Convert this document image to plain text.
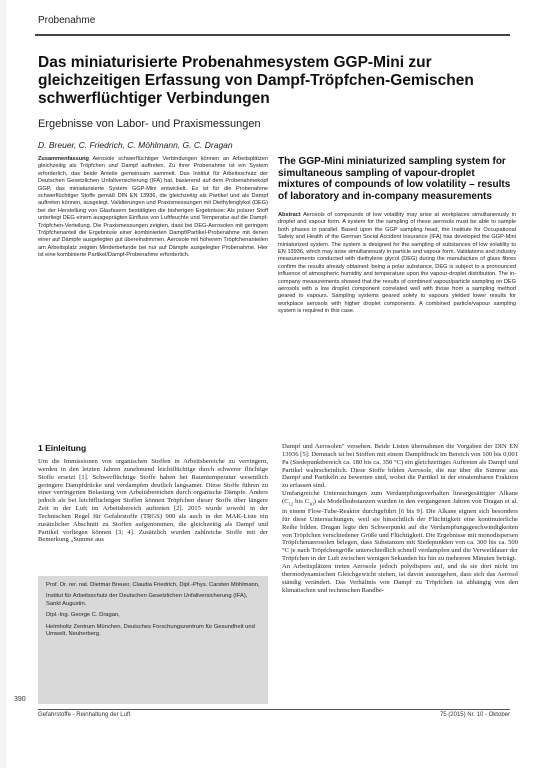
Probenahme
Das miniaturisierte Probenahmesystem GGP-Mini zur gleichzeitigen Erfassung von Dampf-Tröpfchen-Gemischen schwerflüchtiger Verbindungen
Ergebnisse von Labor- und Praxismessungen
D. Breuer, C. Friedrich, C. Möhlmann, G. C. Dragan
Zusammenfassung Aerosole schwerflüchtiger Verbindungen können an Arbeitsplätzen gleichzeitig als Tröpfchen und Dampf auftreten. Zu ihrer Probenahme ist ein System erforderlich, das beide Anteile gemeinsam sammelt. Das Institut für Arbeitsschutz der Deutschen Gesetzlichen Unfallversicherung (IFA) hat, basierend auf dem Probenahmekopf GGP, das miniaturisierte System GGP-Mini entwickelt. Es ist für die Probenahme schwerflüchtiger Stoffe gemäß DIN EN 13936, die gleichzeitig als Partikel und als Dampf auftreten können, ausgelegt. Validierungen und Praxismessungen mit Diethylenglykol (DEG) bei der Herstellung von Glasfasern bestätigten die bisherigen Ergebnisse: Als polarer Stoff unterliegt DEG einem ausgeprägten Einfluss von Luftfeuchte und Temperatur auf die Dampf-Tröpfchen-Verteilung. Die Praxismessungen zeigten, dass bei DEG-Aerosolen mit geringem Tröpfchenanteil die Ergebnisse einer kombinierten Dampf/Partikel-Probenahme mit denen einer auf Dämpfe ausgelegten gut übereinstimmen. Aerosole mit höherem Tröpfchenanteilen am Arbeitsplatz zeigten Minderbefunde bei nur auf Dämpfe ausgelegter Probenahme. Hier ist eine kombinierte Partikel/Dampf-Probenahme erforderlich.
The GGP-Mini miniaturized sampling system for simultaneous sampling of vapour-droplet mixtures of compounds of low volatility – results of laboratory and in-company measurements
Abstract Aerosols of compounds of low volatility may arise at workplaces simultaneously in droplet and vapour form. A system for the sampling of these aerosols must be able to sample both phases in parallel. Based upon the GGP sampling head, the Institute for Occupational Safety and Health of the German Social Accident Insurance (IFA) has developed the GGP-Mini miniaturized system. The system is designed for the sampling of substances of low volatility to EN 13936, which may arise simultaneously in particle and vapour form. Validations and industry measurements conducted with diethylene glycol (DEG) during the manufacture of glass fibres confirm the results already obtained: being a polar substance, DEG is subject to a pronounced influence of atmospheric humidity and temperature upon the vapour-droplet distribution. The in-company measurements showed that the results of combined vapour/particle sampling on DEG aerosols with a low droplet component correlated well with those from a sampling method geared to vapours. Sampling systems geared solely to vapours yielded lower results for workplace aerosols with higher droplet components. A combined particle/vapour sampling system is required in this case.
1 Einleitung
Um die Immissionen von organischen Stoffen in Arbeitsbereiche zu verringern, werden in den letzten Jahren zunehmend leichtflüchtige durch schwerer flüchtige Stoffe ersetzt [1]. Schwerflüchtige Stoffe haben bei Raumtemperatur wesentlich geringere Dampfdrücke und verdampfen deutlich langsamer. Diese Stoffe führen zu einer verringerten Belastung von Arbeitsbereichen durch organische Dämpfe. Anders jedoch als bei leichtflüchtigen Stoffen können Tröpfchen dieser Stoffe über längere Zeit in der Luft im Arbeitsbereich auftreten [2]. 2015 wurde sowohl in der Technischen Regel für Gefahrstoffe (TRGS) 900 als auch in der MAK-Liste ein zusätzlicher Abschnitt zu Stoffen aufgenommen, die gleichzeitig als Dampf und Partikel vorliegen können [3; 4]. Zusätzlich wurden zahlreiche Stoffe mit der Bemerkung „Summe aus

Prof. Dr. rer. nat. Dietmar Breuer, Claudia Friedrich, Dipl.-Phys. Carsten Möhlmann,

Institut für Arbeitsschutz der Deutschen Gesetzlichen Unfallversicherung (IFA), Sankt Augustin.

Dipl.-Ing. George C. Dragan,

Helmholtz Zentrum München, Deutsches Forschungszentrum für Gesundheit und Umwelt, Neuherberg.

Dampf und Aerosolen" versehen. Beide Listen übernahmen die Vorgaben der DIN EN 13936 [5]: Demnach ist bei Stoffen mit einem Dampfdruck im Bereich von 100 bis 0,001 Pa (Siedepunktbereich ca. 180 bis ca. 350 °C) ein gleichzeitiges Auftreten als Dampf und Partikel wahrscheinlich. Diese Stoffe bilden Aerosole, die nur über die Summe aus Dampf und Partikeln zu bewerten sind, wobei die Partikel in der einatembaren Fraktion zu erfassen sind.
Umfangreiche Untersuchungen zum Verdampfungsverhalten lineargesättigter Alkane ($C_{12}$ bis $C_{30}$) als Modellsubstanzen wurden in den vergangenen Jahren von Dragan et al. in einem Flow-Tube-Reaktor durchgeführt [6 bis 9]. Die Alkane eignen sich besonders für diese Untersuchungen, weil sie hinsichtlich der Flüchtigkeit eine kontinuierliche Reihe bilden. Dragan legte den Schwerpunkt auf die Verdampfungsgeschwindigkeiten von Tröpfchen verschiedener Größe und Flüchtigkeit. Die Ergebnisse mit monodispersen Tröpfchenaerosolen belegen, dass Substanzen mit Siedepunkten von ca. 300 bis ca. 500 °C je nach Tröpfchengröße unterschiedlich schnell verdampfen und die Verweildauer der Tröpfchen in der Luft zwischen wenigen Sekunden bis hin zu mehreren Minuten beträgt.
An Arbeitsplätzen treten Aerosole jedoch polydispers auf, und da sie dort nicht im thermodynamischen Gleichgewicht stehen, ist davon auszugehen, dass sich das Aerosol ständig verändert. Das Verhältnis von Dampf zu Tröpfchen ist abhängig von den klimatischen und technischen Randbe-
390
Gefahrstoffe - Reinhaltung der Luft	75 (2015) Nr. 10 - Oktober
